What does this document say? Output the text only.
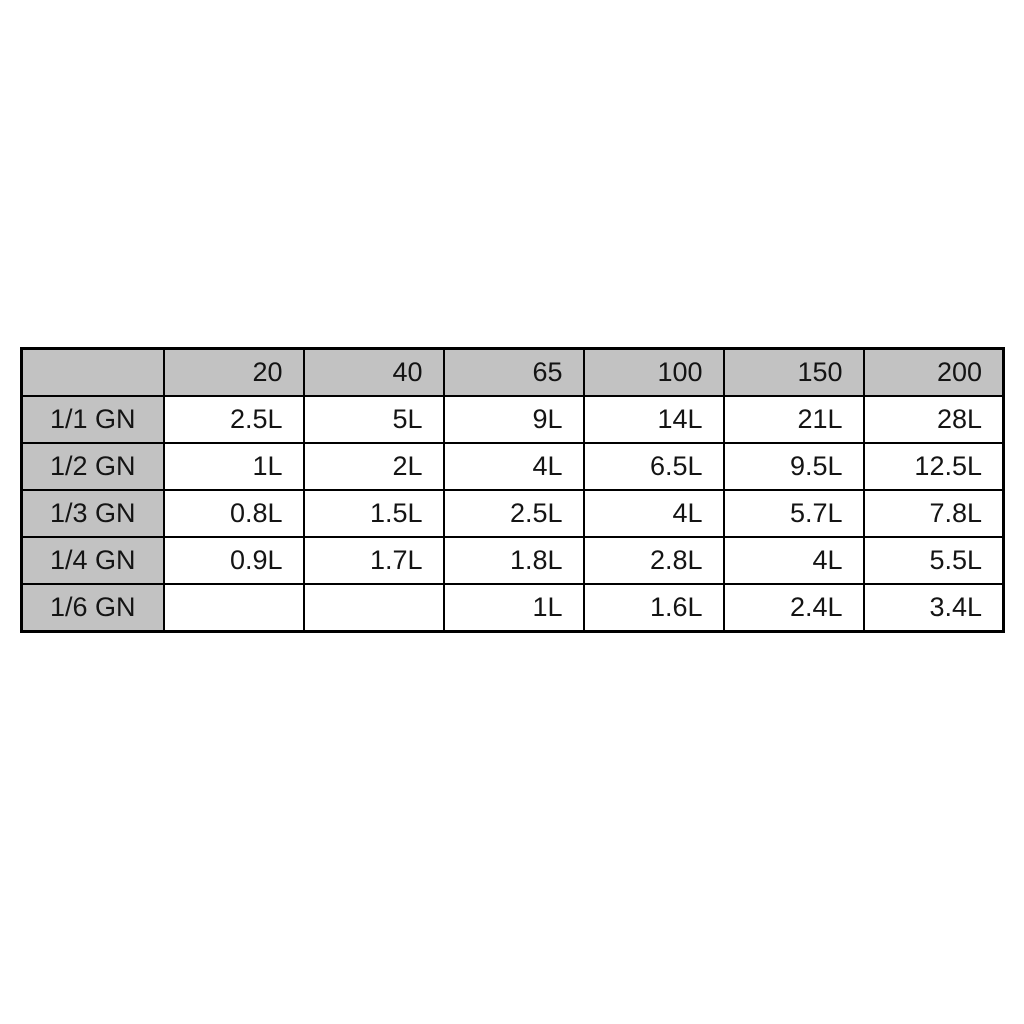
	20	40	65	100	150	200
1/1 GN	2.5L	5L	9L	14L	21L	28L
1/2 GN	1L	2L	4L	6.5L	9.5L	12.5L
1/3 GN	0.8L	1.5L	2.5L	4L	5.7L	7.8L
1/4 GN	0.9L	1.7L	1.8L	2.8L	4L	5.5L
1/6 GN			1L	1.6L	2.4L	3.4L
